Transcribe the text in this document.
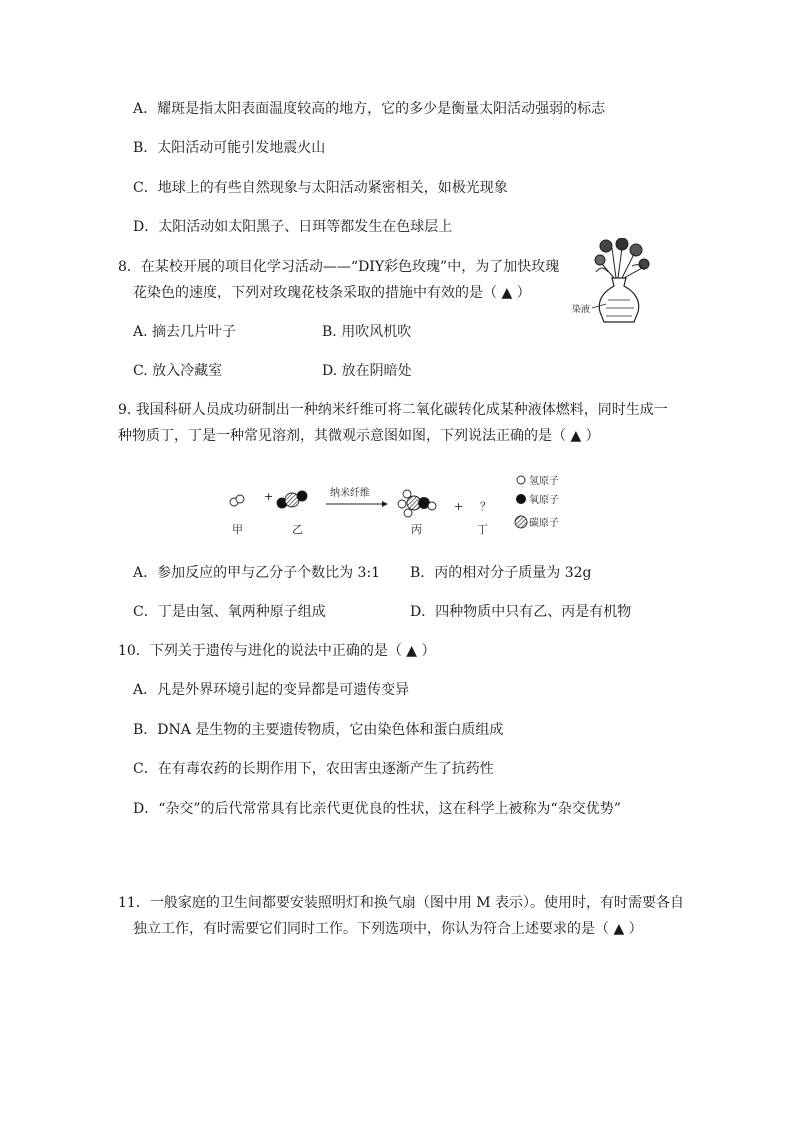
A．耀斑是指太阳表面温度较高的地方，它的多少是衡量太阳活动强弱的标志
B．太阳活动可能引发地震火山
C．地球上的有些自然现象与太阳活动紧密相关，如极光现象
D．太阳活动如太阳黑子、日珥等都发生在色球层上
8．在某校开展的项目化学习活动——“DIY彩色玫瑰”中，为了加快玫瑰
花染色的速度，下列对玫瑰花枝条采取的措施中有效的是（ ▲ ）
A. 摘去几片叶子	B. 用吹风机吹
C. 放入冷藏室	D. 放在阴暗处
染液
9. 我国科研人员成功研制出一种纳米纤维可将二氧化碳转化成某种液体燃料，同时生成一
种物质丁，丁是一种常见溶剂，其微观示意图如图，下列说法正确的是（ ▲ ）
+	纳米纤维
+ ？
甲	乙	丙	丁
氢原子
氧原子
碳原子
A．参加反应的甲与乙分子个数比为 3:1 B．丙的相对分子质量为 32g
C．丁是由氢、氧两种原子组成	D．四种物质中只有乙、丙是有机物
10．下列关于遗传与进化的说法中正确的是（ ▲ ）
A．凡是外界环境引起的变异都是可遗传变异
B．DNA 是生物的主要遗传物质，它由染色体和蛋白质组成
C．在有毒农药的长期作用下，农田害虫逐渐产生了抗药性
D．“杂交”的后代常常具有比亲代更优良的性状，这在科学上被称为“杂交优势”
11．一般家庭的卫生间都要安装照明灯和换气扇（图中用 M 表示）。使用时，有时需要各自
独立工作，有时需要它们同时工作。下列选项中，你认为符合上述要求的是（ ▲ ）
